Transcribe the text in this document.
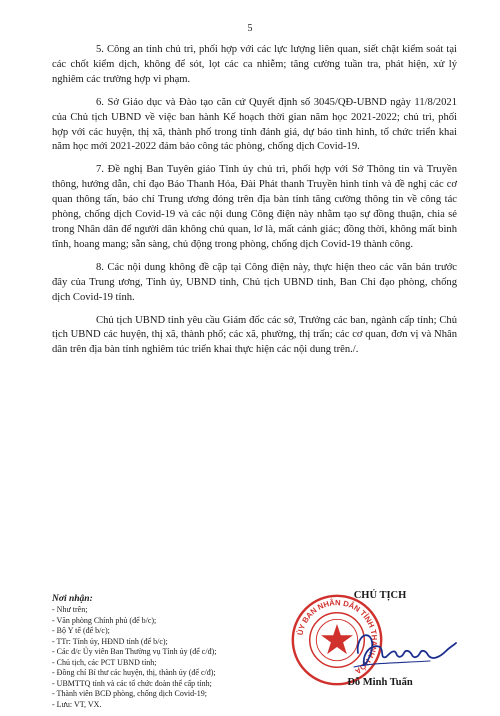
5

5. Công an tỉnh chủ trì, phối hợp với các lực lượng liên quan, siết chặt kiểm soát tại các chốt kiểm dịch, không để sót, lọt các ca nhiễm; tăng cường tuần tra, phát hiện, xử lý nghiêm các trường hợp vi phạm.

6. Sở Giáo dục và Đào tạo căn cứ Quyết định số 3045/QĐ-UBND ngày 11/8/2021 của Chủ tịch UBND về việc ban hành Kế hoạch thời gian năm học 2021-2022; chủ trì, phối hợp với các huyện, thị xã, thành phố trong tỉnh đánh giá, dự báo tình hình, tổ chức triển khai năm học mới 2021-2022 đảm bảo công tác phòng, chống dịch Covid-19.

7. Đề nghị Ban Tuyên giáo Tỉnh ủy chủ trì, phối hợp với Sở Thông tin và Truyền thông, hướng dẫn, chỉ đạo Báo Thanh Hóa, Đài Phát thanh Truyền hình tỉnh và đề nghị các cơ quan thông tấn, báo chí Trung ương đóng trên địa bàn tỉnh tăng cường thông tin về công tác phòng, chống dịch Covid-19 và các nội dung Công điện này nhằm tạo sự đồng thuận, chia sẻ trong Nhân dân để người dân không chủ quan, lơ là, mất cảnh giác; đồng thời, không mất bình tĩnh, hoang mang; sẵn sàng, chủ động trong phòng, chống dịch Covid-19 thành công.

8. Các nội dung không đề cập tại Công điện này, thực hiện theo các văn bản trước đây của Trung ương, Tỉnh ủy, UBND tỉnh, Chủ tịch UBND tỉnh, Ban Chỉ đạo phòng, chống dịch Covid-19 tỉnh.

Chủ tịch UBND tỉnh yêu cầu Giám đốc các sở, Trưởng các ban, ngành cấp tỉnh; Chủ tịch UBND các huyện, thị xã, thành phố; các xã, phường, thị trấn; các cơ quan, đơn vị và Nhân dân trên địa bàn tỉnh nghiêm túc triển khai thực hiện các nội dung trên./.

Nơi nhận:
- Như trên;
- Văn phòng Chính phủ (để b/c);
- Bộ Y tế (để b/c);
- TTr: Tỉnh ủy, HĐND tỉnh (để b/c);
- Các đ/c Ủy viên Ban Thường vụ Tỉnh ủy (để c/đ);
- Chủ tịch, các PCT UBND tỉnh;
- Đồng chí Bí thư các huyện, thị, thành ủy (để c/đ);
- UBMTTQ tỉnh và các tổ chức đoàn thể cấp tỉnh;
- Thành viên BCĐ phòng, chống dịch Covid-19;
- Lưu: VT, VX.
CHỦ TỊCH
ỦY BAN NHÂN DÂN TỈNH THANH HÓA
Đỗ Minh Tuấn
